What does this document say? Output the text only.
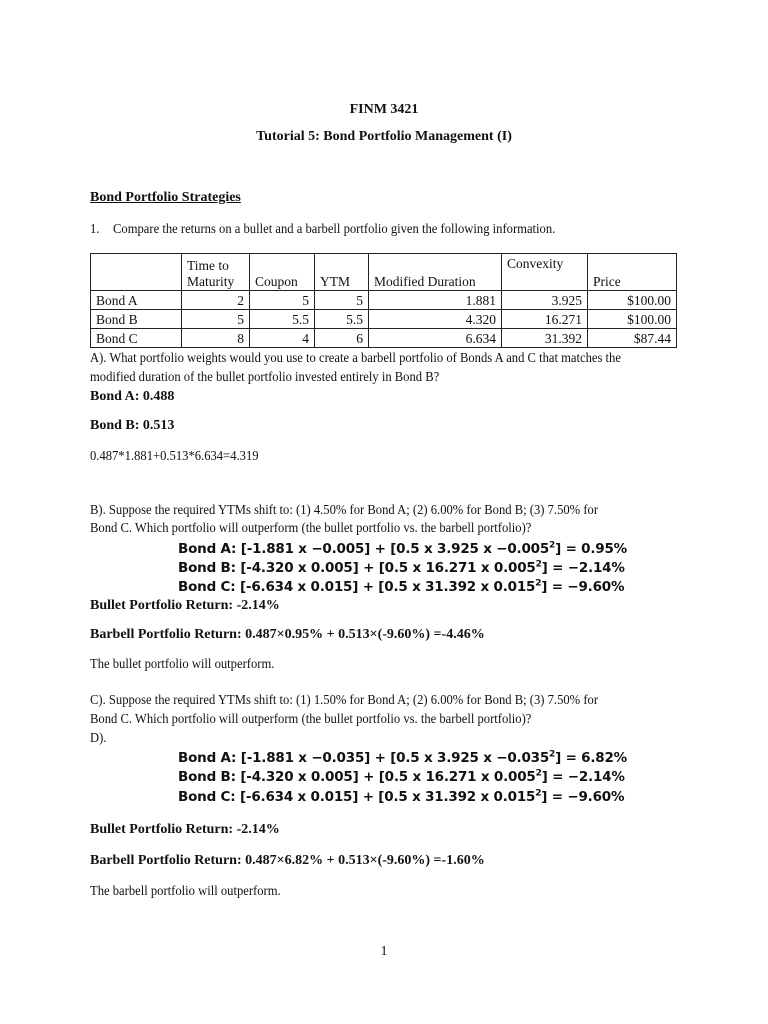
FINM 3421
Tutorial 5: Bond Portfolio Management (I)
Bond Portfolio Strategies
1. Compare the returns on a bullet and a barbell portfolio given the following information.
	Time to
Maturity	Coupon	YTM	Modified Duration	Convexity	Price
Bond A	2	5	5	1.881	3.925	$100.00
Bond B	5	5.5	5.5	4.320	16.271	$100.00
Bond C	8	4	6	6.634	31.392	$87.44
A). What portfolio weights would you use to create a barbell portfolio of Bonds A and C that matches the
modified duration of the bullet portfolio invested entirely in Bond B?
Bond A: 0.488
Bond B: 0.513
0.487*1.881+0.513*6.634=4.319
B). Suppose the required YTMs shift to: (1) 4.50% for Bond A; (2) 6.00% for Bond B; (3) 7.50% for
Bond C. Which portfolio will outperform (the bullet portfolio vs. the barbell portfolio)?
Bond A: [-1.881 x −0.005] + [0.5 x 3.925 $x -0.005^2] = 0.95\%$
Bond B: [-4.320 x 0.005] + [0.5 x 16.271 x $0.005^2] = -2.14\%$
Bond C: [-6.634 x 0.015] + [0.5 x 31.392 x $0.015^2] = -9.60\%$
Bullet Portfolio Return: -2.14%
Barbell Portfolio Return: 0.487×0.95% + 0.513×(-9.60%) =-4.46%
The bullet portfolio will outperform.
C). Suppose the required YTMs shift to: (1) 1.50% for Bond A; (2) 6.00% for Bond B; (3) 7.50% for
Bond C. Which portfolio will outperform (the bullet portfolio vs. the barbell portfolio)?
D).
Bond A: [-1.881 x −0.035] + [0.5 x 3.925 $x -0.035^2] = 6.82\%$
Bond B: [-4.320 x 0.005] + [0.5 x 16.271 x $0.005^2] = -2.14\%$
Bond C: [-6.634 x 0.015] + [0.5 x 31.392 x $0.015^2] = -9.60\%$
Bullet Portfolio Return: -2.14%
Barbell Portfolio Return: 0.487×6.82% + 0.513×(-9.60%) =-1.60%
The barbell portfolio will outperform.
1
